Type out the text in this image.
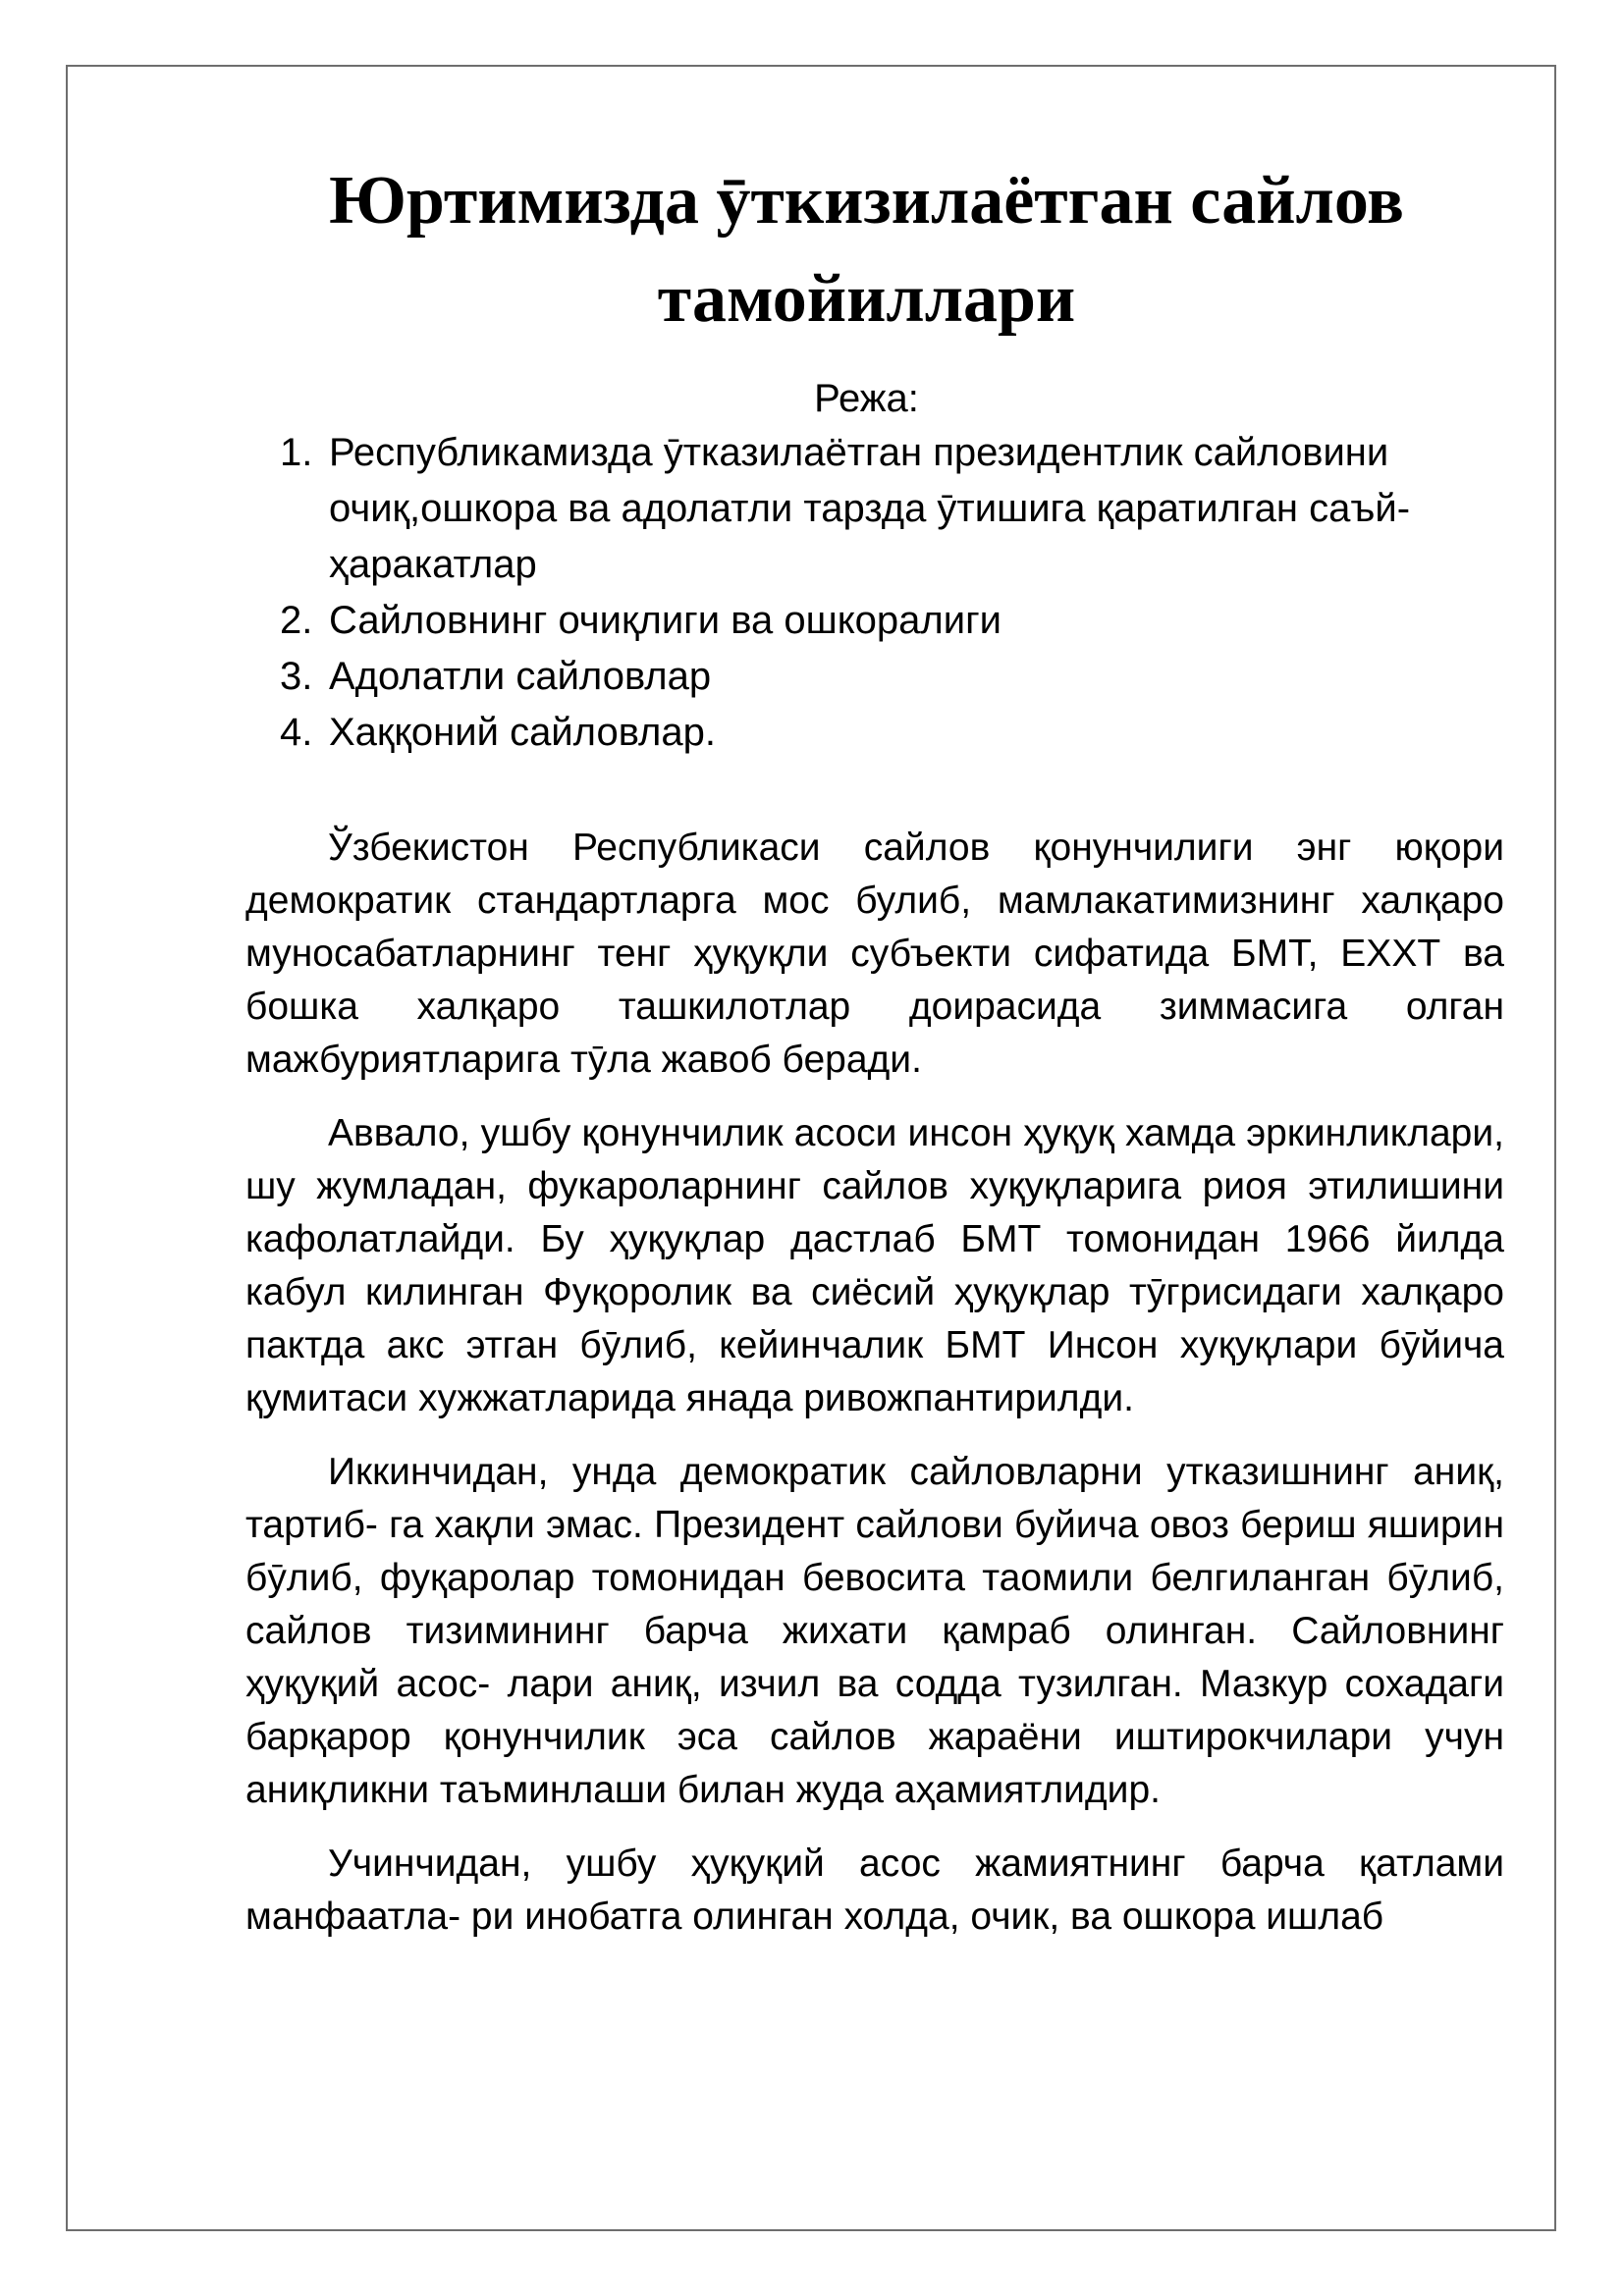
Юртимизда ӯткизилаётган сайлов
тамойиллари
Режа:
1. Республикамизда ӯтказилаётган президентлик сайловини очиқ,ошкора ва адолатли тарзда ӯтишига қаратилган саъй-ҳаракатлар
2. Сайловнинг очиқлиги ва ошкоралиги
3. Адолатли сайловлар
4. Хаққоний сайловлар.

Ўзбекистон Республикаси сайлов қонунчилиги энг юқори демократик стандартларга мос булиб, мамлакатимизнинг халқаро муносабатларнинг тенг ҳуқуқли субъекти сифатида БМТ, ЕХХТ ва бошка халқаро ташкилотлар доирасида зиммасига олган мажбуриятларига тӯла жавоб беради.

Аввало, ушбу қонунчилик асоси инсон ҳуқуқ хамда эркинликлари, шу жумладан, фукароларнинг сайлов хуқуқларига риоя этилишини кафолатлайди. Бу ҳуқуқлар дастлаб БМТ томонидан 1966 йилда кабул килинган Фуқоролик ва сиёсий ҳуқуқлар тӯгрисидаги халқаро пактда акс этган бӯлиб, кейинчалик БМТ Инсон хуқуқлари бӯйича қумитаси хужжатларида янада ривожпантирилди.

Иккинчидан, унда демократик сайловларни утказишнинг аниқ, тартиб- га хақли эмас. Президент сайлови буйича овоз бериш яширин бӯлиб, фуқаролар томонидан бевосита таомили белгиланган бӯлиб, сайлов тизимининг барча жихати қамраб олинган. Сайловнинг ҳуқуқий асос- лари аниқ, изчил ва содда тузилган. Мазкур сохадаги барқарор қонунчилик эса сайлов жараёни иштирокчилари учун аниқликни таъминлаши билан жуда аҳамиятлидир.

Учинчидан, ушбу ҳуқуқий асос жамиятнинг барча қатлами манфаатла- ри инобатга олинган холда, очик, ва ошкора ишлаб
